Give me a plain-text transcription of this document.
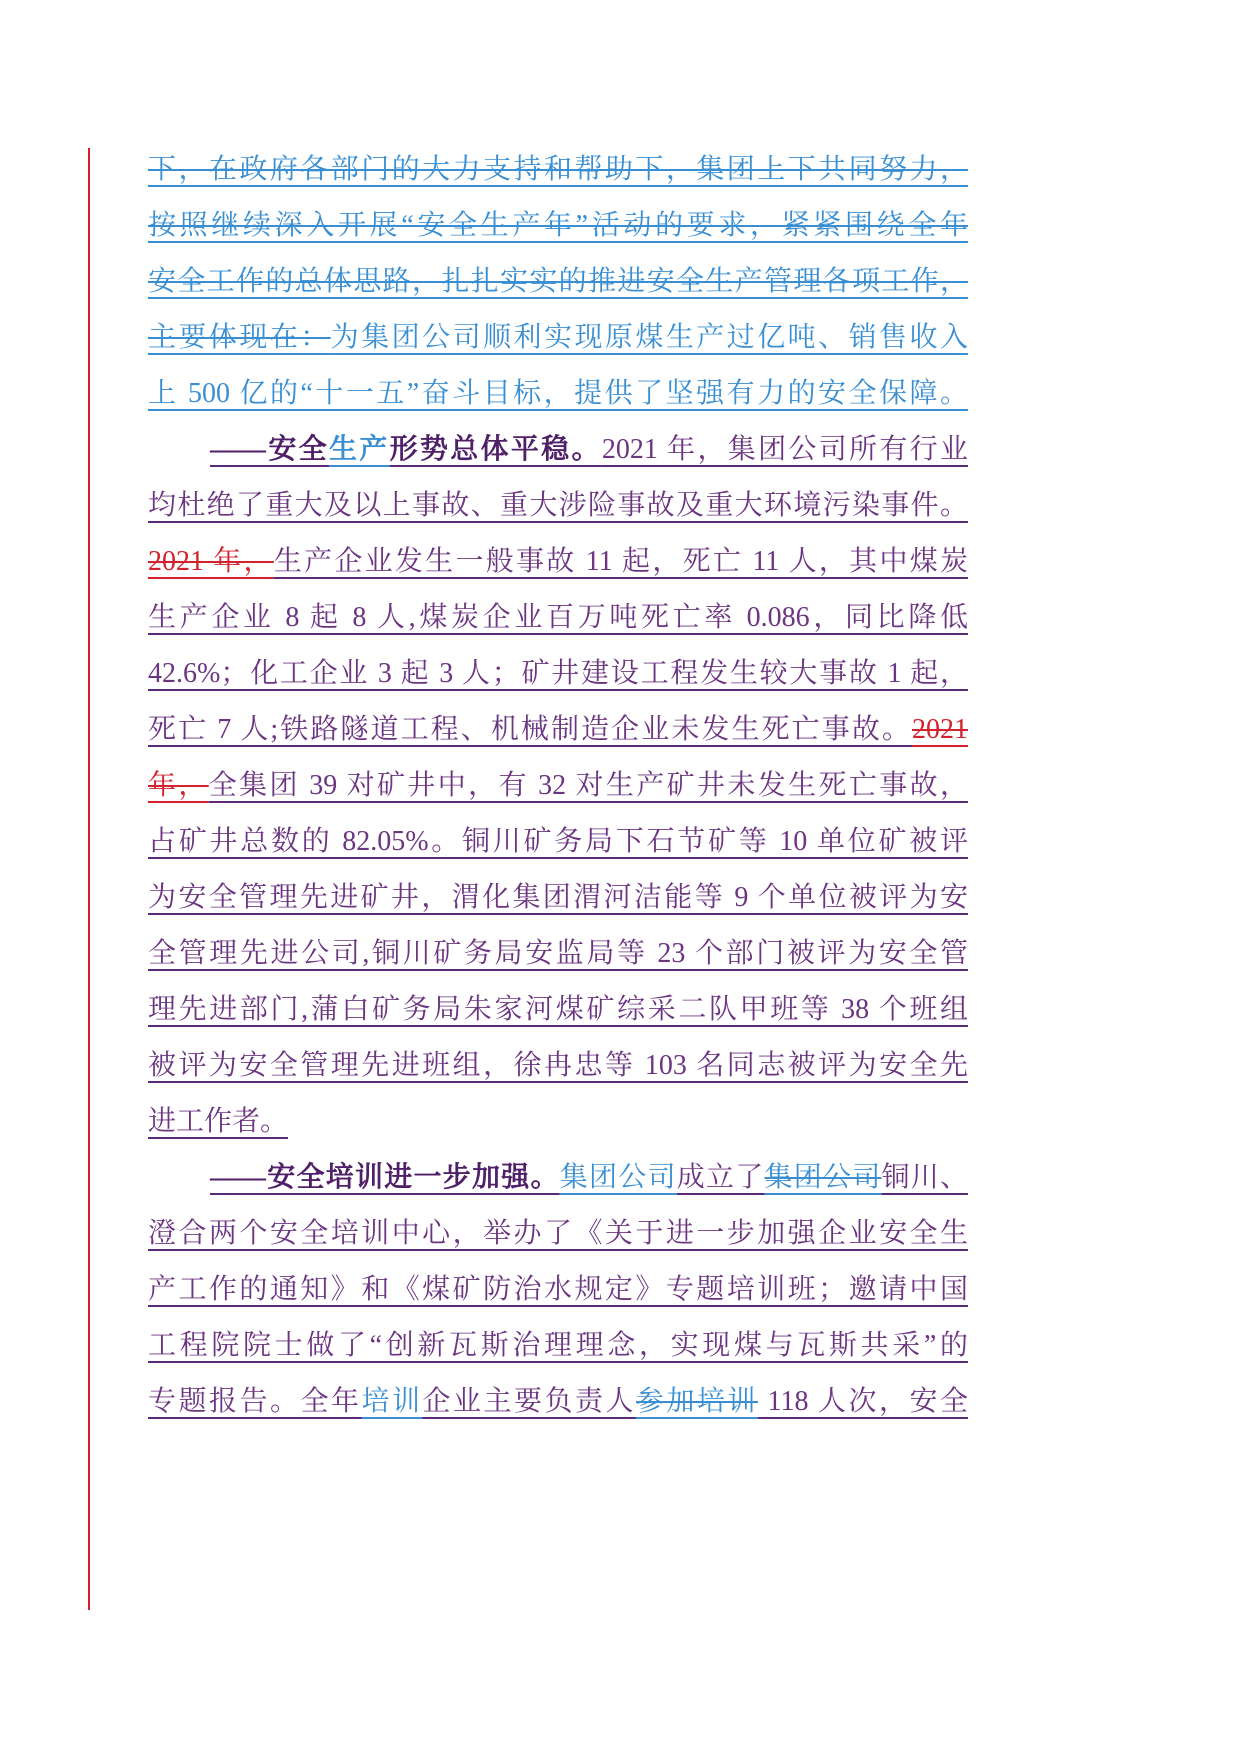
下，在政府各部门的大力支持和帮助下，集团上下共同努力，
按照继续深入开展“安全生产年”活动的要求，紧紧围绕全年
安全工作的总体思路，扎扎实实的推进安全生产管理各项工作，
主要体现在：为集团公司顺利实现原煤生产过亿吨、销售收入
上 500 亿的“十一五”奋斗目标，提供了坚强有力的安全保障。
——安全生产形势总体平稳。2021 年，集团公司所有行业
均杜绝了重大及以上事故、重大涉险事故及重大环境污染事件。
2021 年，生产企业发生一般事故 11 起，死亡 11 人，其中煤炭
生产企业 8 起 8 人,煤炭企业百万吨死亡率 0.086，同比降低
42.6%；化工企业 3 起 3 人；矿井建设工程发生较大事故 1 起，
死亡 7 人;铁路隧道工程、机械制造企业未发生死亡事故。2021
年，全集团 39 对矿井中，有 32 对生产矿井未发生死亡事故，
占矿井总数的 82.05%。铜川矿务局下石节矿等 10 单位矿被评
为安全管理先进矿井，渭化集团渭河洁能等 9 个单位被评为安
全管理先进公司,铜川矿务局安监局等 23 个部门被评为安全管
理先进部门,蒲白矿务局朱家河煤矿综采二队甲班等 38 个班组
被评为安全管理先进班组，徐冉忠等 103 名同志被评为安全先
进工作者。
——安全培训进一步加强。集团公司成立了集团公司铜川、
澄合两个安全培训中心，举办了《关于进一步加强企业安全生
产工作的通知》和《煤矿防治水规定》专题培训班；邀请中国
工程院院士做了“创新瓦斯治理理念，实现煤与瓦斯共采”的
专题报告。全年培训企业主要负责人参加培训 118 人次，安全
